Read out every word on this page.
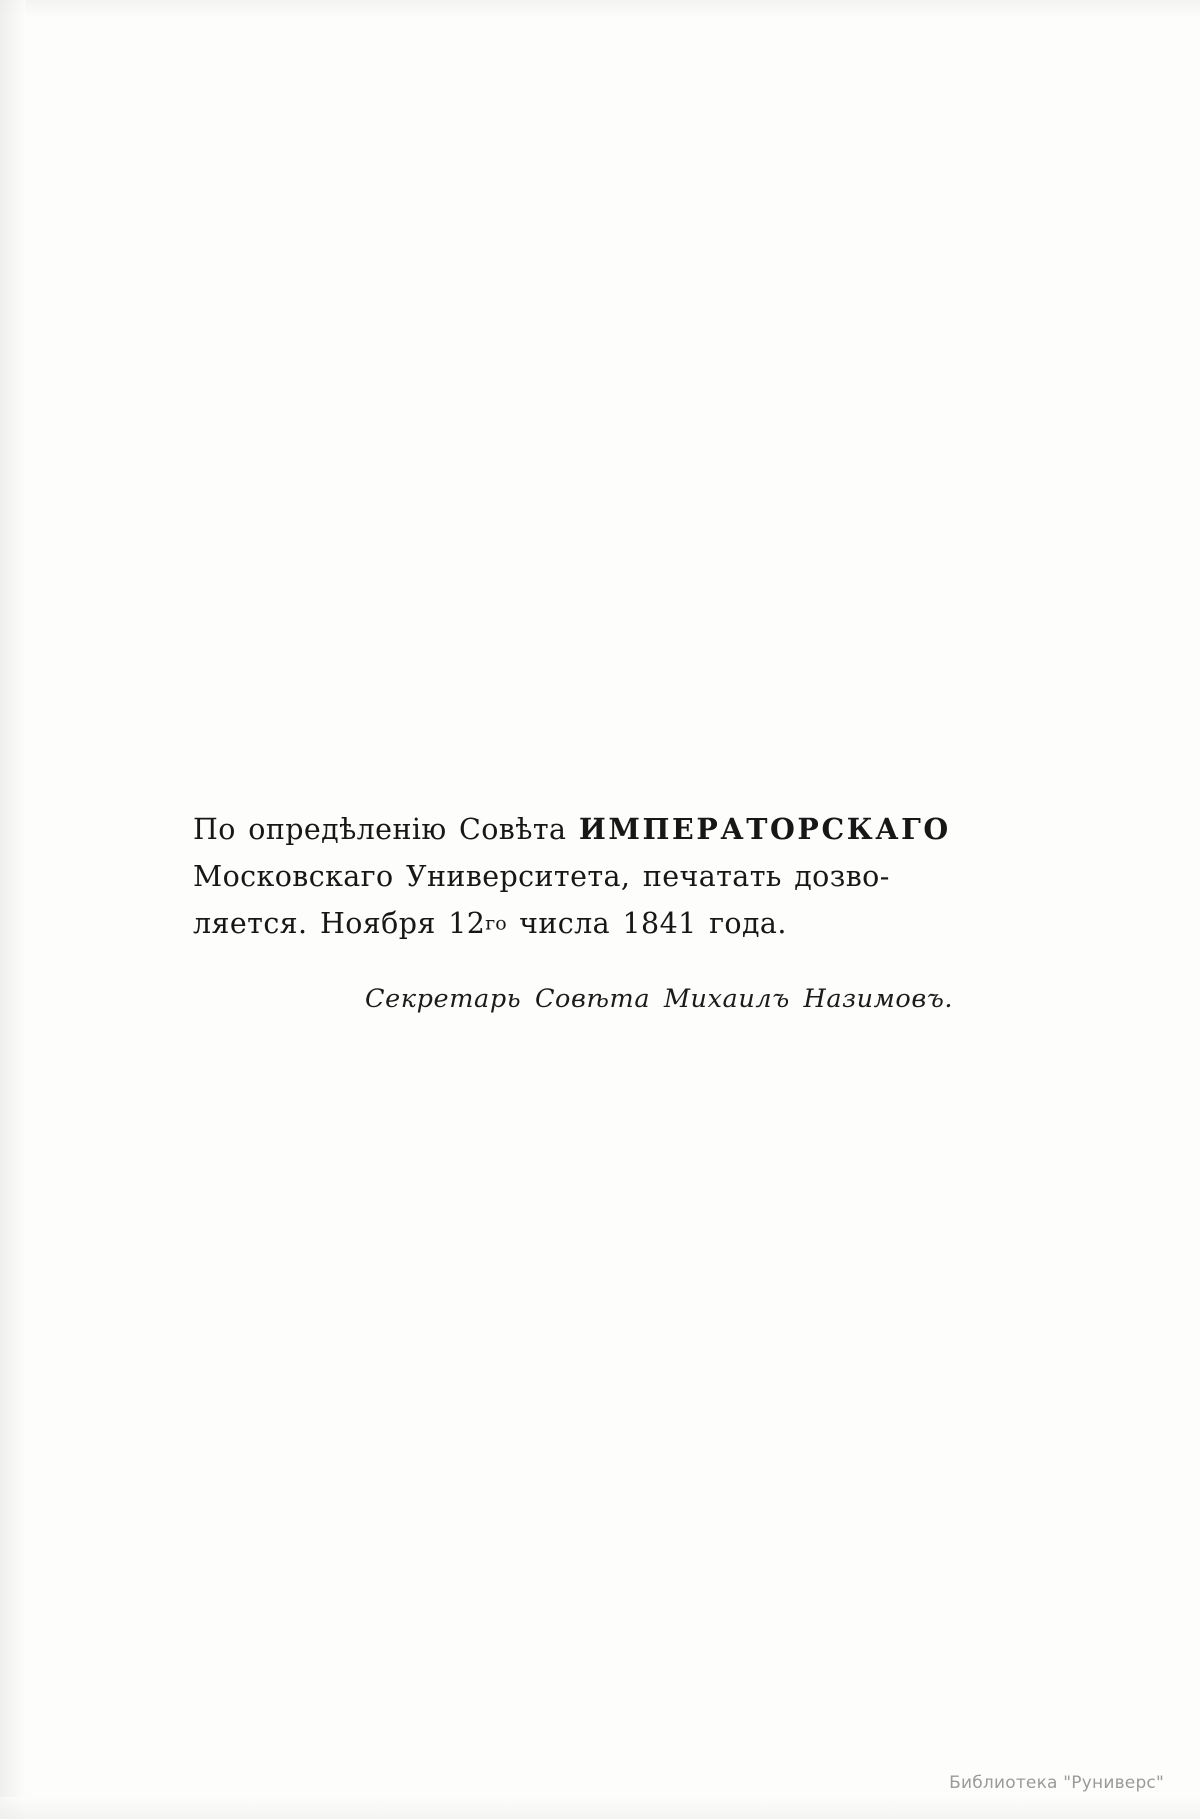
По опредѣленію Совѣта ИМПЕРАТОРСКАГО

Московскаго Университета, печатать дозво-

ляется. Ноября 12го числа 1841 года.

Секретарь Совѣта Михаилъ Назимовъ.
Библиотека "Руниверс"
